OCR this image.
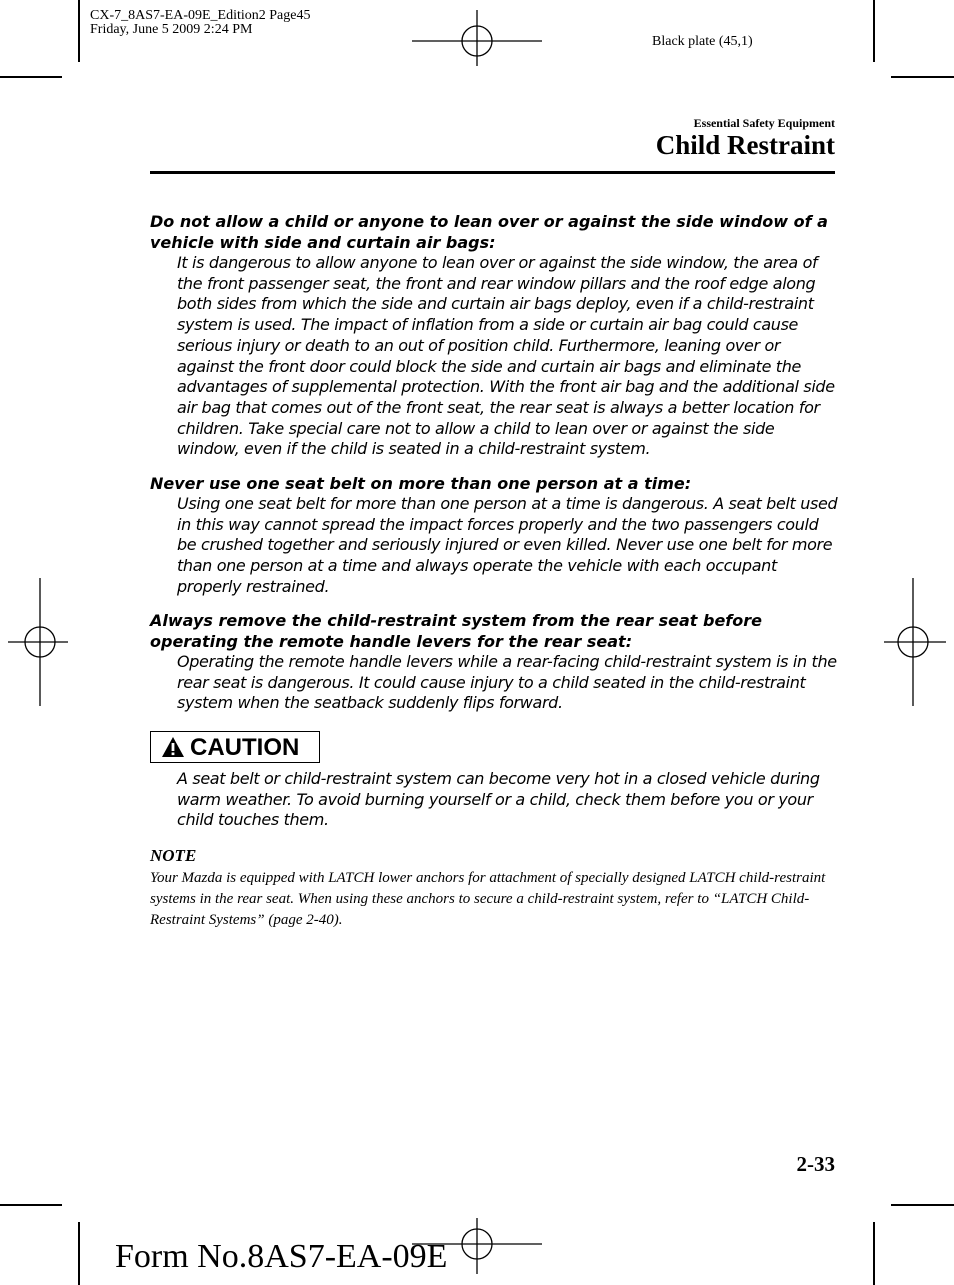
CX-7_8AS7-EA-09E_Edition2 Page45
Friday, June 5 2009 2:24 PM
Black plate (45,1)
Essential Safety Equipment
Child Restraint
Do not allow a child or anyone to lean over or against the side window of a vehicle with side and curtain air bags:
It is dangerous to allow anyone to lean over or against the side window, the area of the front passenger seat, the front and rear window pillars and the roof edge along both sides from which the side and curtain air bags deploy, even if a child-restraint system is used. The impact of inflation from a side or curtain air bag could cause serious injury or death to an out of position child. Furthermore, leaning over or against the front door could block the side and curtain air bags and eliminate the advantages of supplemental protection. With the front air bag and the additional side air bag that comes out of the front seat, the rear seat is always a better location for children. Take special care not to allow a child to lean over or against the side window, even if the child is seated in a child-restraint system.
Never use one seat belt on more than one person at a time:
Using one seat belt for more than one person at a time is dangerous. A seat belt used in this way cannot spread the impact forces properly and the two passengers could be crushed together and seriously injured or even killed. Never use one belt for more than one person at a time and always operate the vehicle with each occupant properly restrained.
Always remove the child-restraint system from the rear seat before operating the remote handle levers for the rear seat:
Operating the remote handle levers while a rear-facing child-restraint system is in the rear seat is dangerous. It could cause injury to a child seated in the child-restraint system when the seatback suddenly flips forward.
CAUTION
A seat belt or child-restraint system can become very hot in a closed vehicle during warm weather. To avoid burning yourself or a child, check them before you or your child touches them.
NOTE
Your Mazda is equipped with LATCH lower anchors for attachment of specially designed LATCH child-restraint systems in the rear seat. When using these anchors to secure a child-restraint system, refer to “LATCH Child-Restraint Systems” (page 2-40).
2-33
Form No.8AS7-EA-09E
